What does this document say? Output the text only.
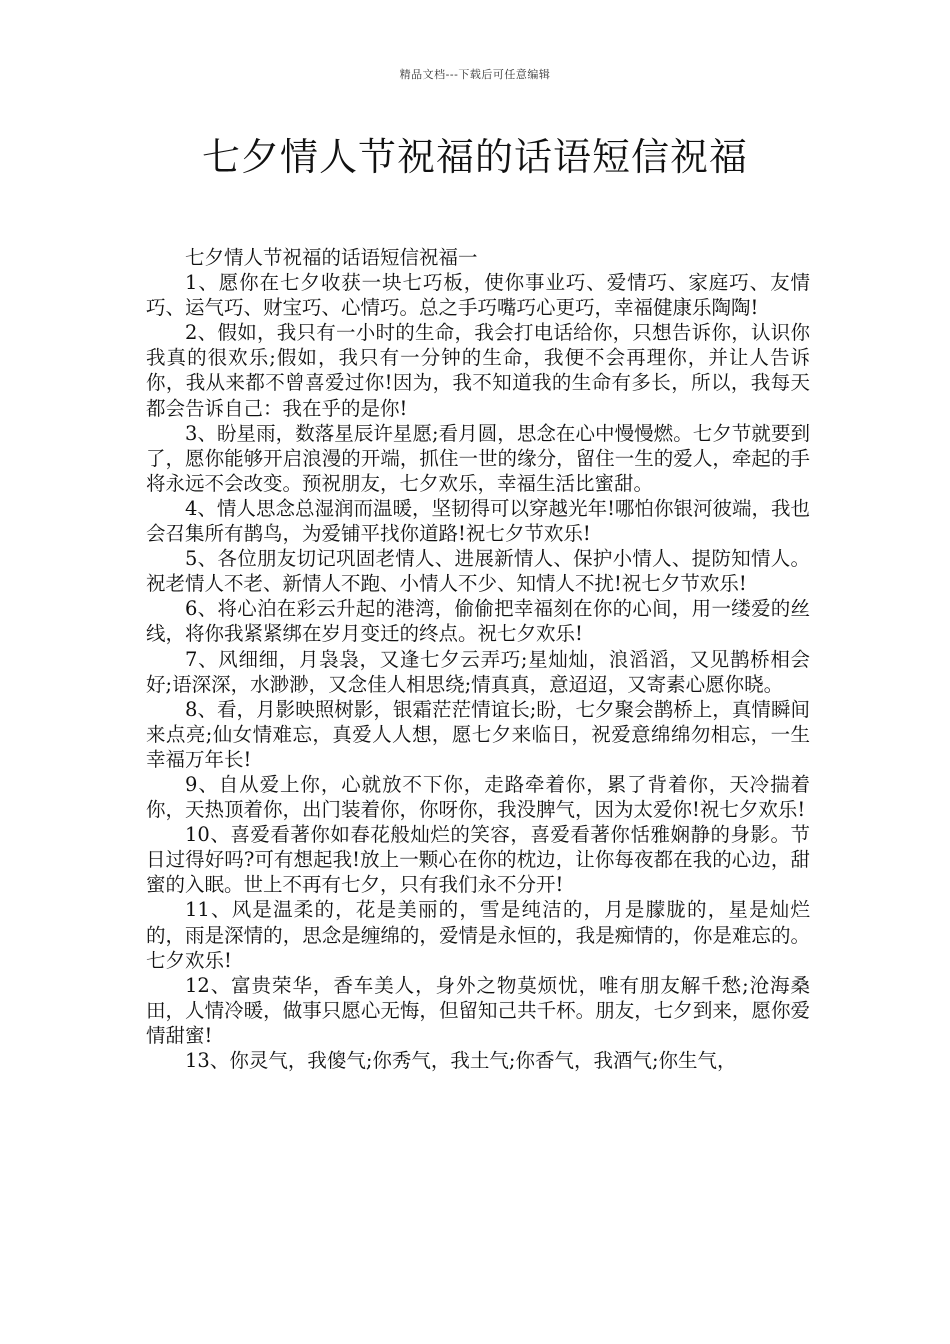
精品文档---下载后可任意编辑
七夕情人节祝福的话语短信祝福

七夕情人节祝福的话语短信祝福一

1、愿你在七夕收获一块七巧板，使你事业巧、爱情巧、家庭巧、友情巧、运气巧、财宝巧、心情巧。总之手巧嘴巧心更巧，幸福健康乐陶陶!

2、假如，我只有一小时的生命，我会打电话给你，只想告诉你，认识你我真的很欢乐;假如，我只有一分钟的生命，我便不会再理你，并让人告诉你，我从来都不曾喜爱过你!因为，我不知道我的生命有多长，所以，我每天都会告诉自己：我在乎的是你!

3、盼星雨，数落星辰许星愿;看月圆，思念在心中慢慢燃。七夕节就要到了，愿你能够开启浪漫的开端，抓住一世的缘分，留住一生的爱人，牵起的手将永远不会改变。预祝朋友，七夕欢乐，幸福生活比蜜甜。

4、情人思念总湿润而温暖，坚韧得可以穿越光年!哪怕你银河彼端，我也会召集所有鹊鸟，为爱铺平找你道路!祝七夕节欢乐!

5、各位朋友切记巩固老情人、进展新情人、保护小情人、提防知情人。祝老情人不老、新情人不跑、小情人不少、知情人不扰!祝七夕节欢乐!

6、将心泊在彩云升起的港湾，偷偷把幸福刻在你的心间，用一缕爱的丝线，将你我紧紧绑在岁月变迁的终点。祝七夕欢乐!

7、风细细，月袅袅，又逢七夕云弄巧;星灿灿，浪滔滔，又见鹊桥相会好;语深深，水渺渺，又念佳人相思绕;情真真，意迢迢，又寄素心愿你晓。

8、看，月影映照树影，银霜茫茫情谊长;盼，七夕聚会鹊桥上，真情瞬间来点亮;仙女情难忘，真爱人人想，愿七夕来临日，祝爱意绵绵勿相忘，一生幸福万年长!

9、自从爱上你，心就放不下你，走路牵着你，累了背着你，天冷揣着你，天热顶着你，出门装着你，你呀你，我没脾气，因为太爱你!祝七夕欢乐!

10、喜爱看著你如春花般灿烂的笑容，喜爱看著你恬雅娴静的身影。节日过得好吗?可有想起我!放上一颗心在你的枕边，让你每夜都在我的心边，甜蜜的入眠。世上不再有七夕，只有我们永不分开!

11、风是温柔的，花是美丽的，雪是纯洁的，月是朦胧的，星是灿烂的，雨是深情的，思念是缠绵的，爱情是永恒的，我是痴情的，你是难忘的。七夕欢乐!

12、富贵荣华，香车美人，身外之物莫烦忧，唯有朋友解千愁;沧海桑田，人情冷暖，做事只愿心无悔，但留知己共千杯。朋友，七夕到来，愿你爱情甜蜜!

13、你灵气，我傻气;你秀气，我土气;你香气，我酒气;你生气，
